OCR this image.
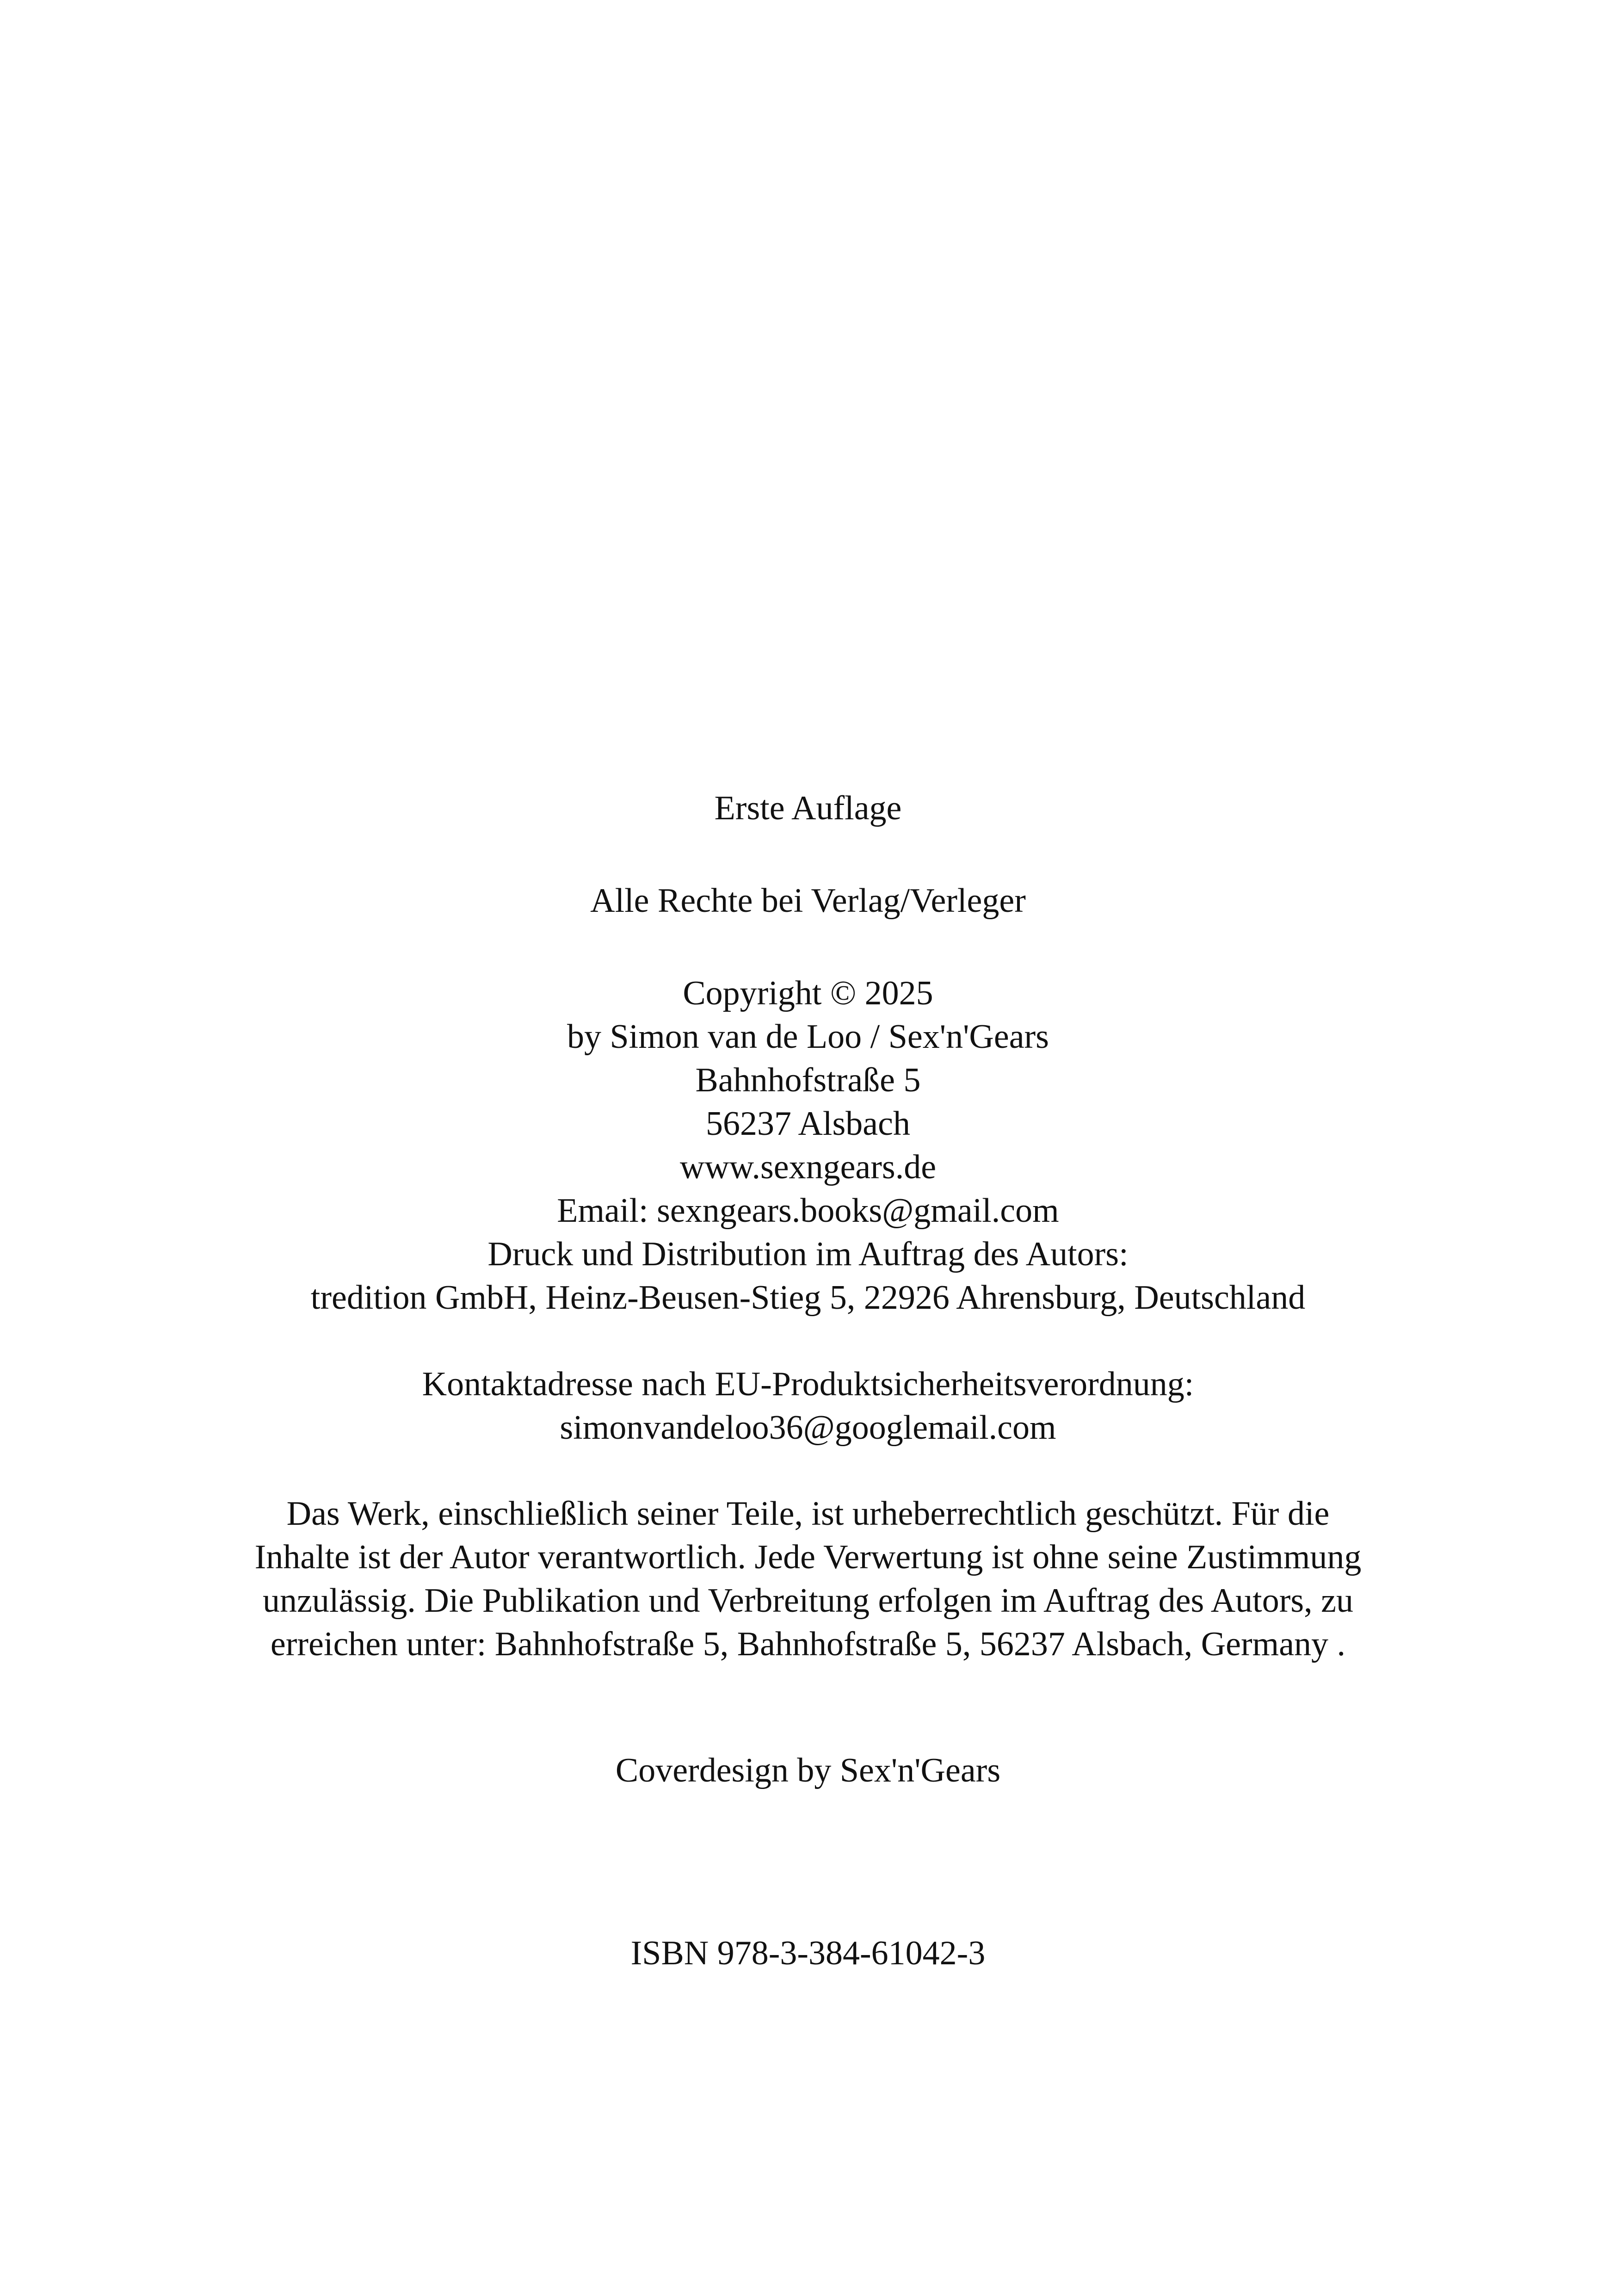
Erste Auflage
Alle Rechte bei Verlag/Verleger
Copyright © 2025
by Simon van de Loo / Sex'n'Gears
Bahnhofstraße 5
56237 Alsbach
www.sexngears.de
Email: sexngears.books@gmail.com
Druck und Distribution im Auftrag des Autors:
tredition GmbH, Heinz-Beusen-Stieg 5, 22926 Ahrensburg, Deutschland
Kontaktadresse nach EU-Produktsicherheitsverordnung:
simonvandeloo36@googlemail.com
Das Werk, einschließlich seiner Teile, ist urheberrechtlich geschützt. Für die
Inhalte ist der Autor verantwortlich. Jede Verwertung ist ohne seine Zustimmung
unzulässig. Die Publikation und Verbreitung erfolgen im Auftrag des Autors, zu
erreichen unter: Bahnhofstraße 5, Bahnhofstraße 5, 56237 Alsbach, Germany .
Coverdesign by Sex'n'Gears
ISBN 978-3-384-61042-3
